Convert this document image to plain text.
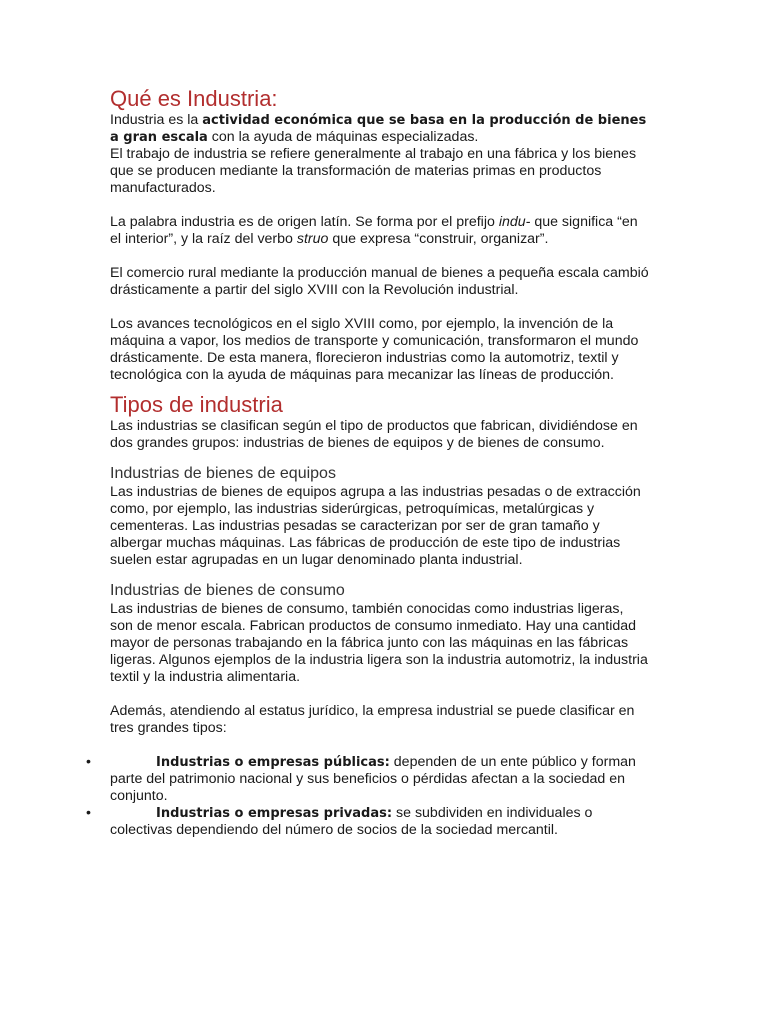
Qué es Industria:

Industria es la actividad económica que se basa en la producción de bienes a gran escala con la ayuda de máquinas especializadas.

El trabajo de industria se refiere generalmente al trabajo en una fábrica y los bienes que se producen mediante la transformación de materias primas en productos manufacturados.

La palabra industria es de origen latín. Se forma por el prefijo indu- que significa “en el interior”, y la raíz del verbo struo que expresa “construir, organizar”.

El comercio rural mediante la producción manual de bienes a pequeña escala cambió drásticamente a partir del siglo XVIII con la Revolución industrial.

Los avances tecnológicos en el siglo XVIII como, por ejemplo, la invención de la máquina a vapor, los medios de transporte y comunicación, transformaron el mundo drásticamente. De esta manera, florecieron industrias como la automotriz, textil y tecnológica con la ayuda de máquinas para mecanizar las líneas de producción.

Tipos de industria

Las industrias se clasifican según el tipo de productos que fabrican, dividiéndose en dos grandes grupos: industrias de bienes de equipos y de bienes de consumo.

Industrias de bienes de equipos

Las industrias de bienes de equipos agrupa a las industrias pesadas o de extracción como, por ejemplo, las industrias siderúrgicas, petroquímicas, metalúrgicas y cementeras. Las industrias pesadas se caracterizan por ser de gran tamaño y albergar muchas máquinas. Las fábricas de producción de este tipo de industrias suelen estar agrupadas en un lugar denominado planta industrial.

Industrias de bienes de consumo

Las industrias de bienes de consumo, también conocidas como industrias ligeras, son de menor escala. Fabrican productos de consumo inmediato. Hay una cantidad mayor de personas trabajando en la fábrica junto con las máquinas en las fábricas ligeras. Algunos ejemplos de la industria ligera son la industria automotriz, la industria textil y la industria alimentaria.

Además, atendiendo al estatus jurídico, la empresa industrial se puede clasificar en tres grandes tipos:

•	Industrias o empresas públicas: dependen de un ente público y forman parte del patrimonio nacional y sus beneficios o pérdidas afectan a la sociedad en conjunto.
•	Industrias o empresas privadas: se subdividen en individuales o colectivas dependiendo del número de socios de la sociedad mercantil.
